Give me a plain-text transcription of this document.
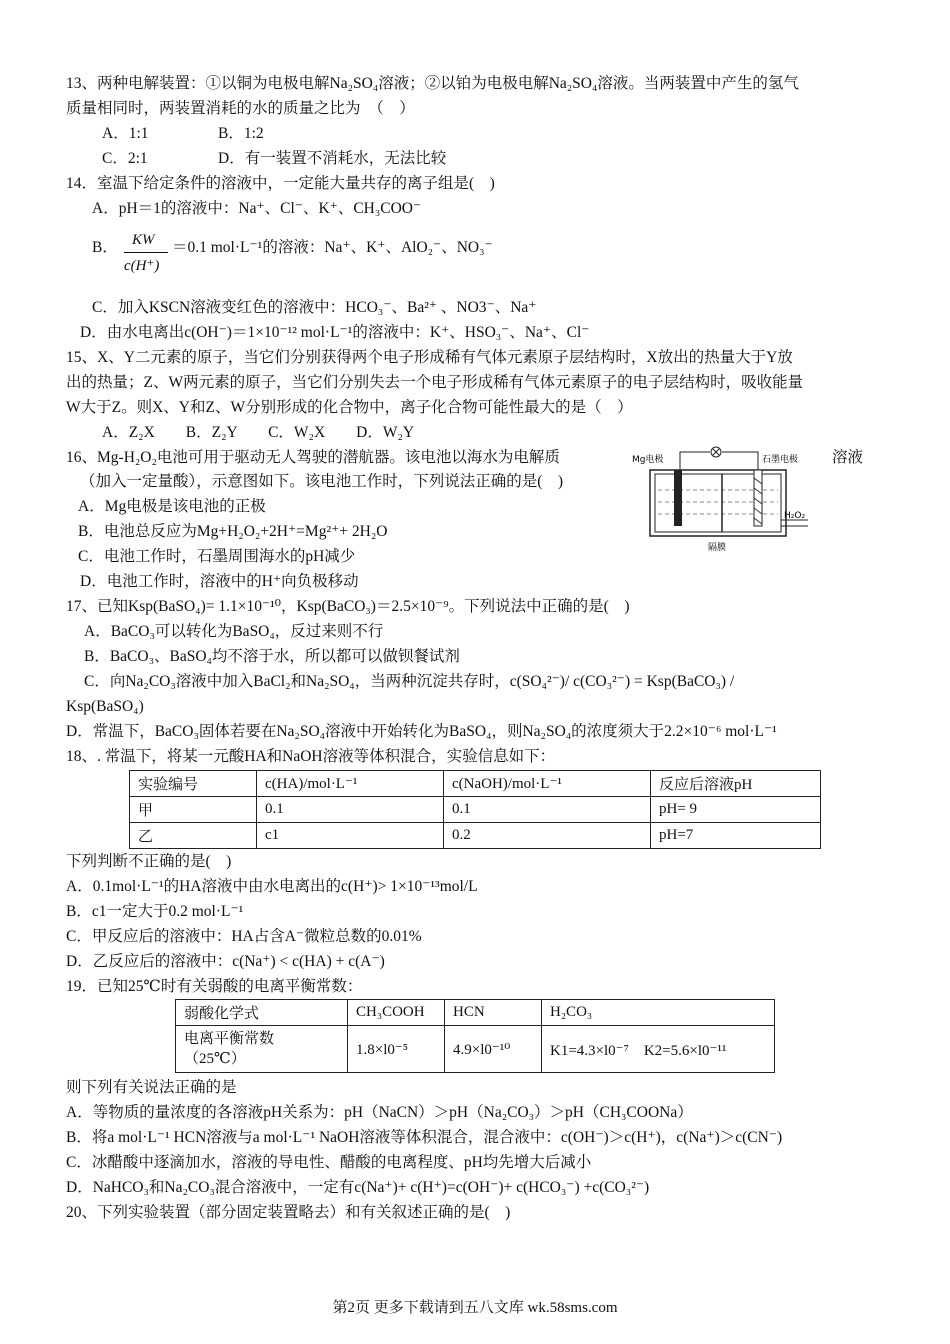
13、两种电解装置：①以铜为电极电解Na₂SO₄溶液；②以铂为电极电解Na₂SO₄溶液。当两装置中产生的氢气
质量相同时，两装置消耗的水的质量之比为　（　）
A．1:1	B．1:2
C．2:1	D．有一装置不消耗水，无法比较
14．室温下给定条件的溶液中，一定能大量共存的离子组是(　)
A．pH＝1的溶液中：Na⁺、Cl⁻、K⁺、CH₃COO⁻
B． KW
c(H⁺)
＝0.1 mol·L⁻¹的溶液：Na⁺、K⁺、AlO₂⁻、NO₃⁻
C．加入KSCN溶液变红色的溶液中：HCO₃⁻、Ba²⁺ 、NO3⁻、Na⁺
D．由水电离出c(OH⁻)＝1×10⁻¹² mol·L⁻¹的溶液中：K⁺、HSO₃⁻、Na⁺、Cl⁻
15、X、Y二元素的原子，当它们分别获得两个电子形成稀有气体元素原子层结构时，X放出的热量大于Y放
出的热量；Z、W两元素的原子，当它们分别失去一个电子形成稀有气体元素原子的电子层结构时，吸收能量
W大于Z。则X、Y和Z、W分别形成的化合物中，离子化合物可能性最大的是（　）
A．Z₂X　　B．Z₂Y　　C．W₂X　　D．W₂Y
16、Mg-H₂O₂电池可用于驱动无人驾驶的潜航器。该电池以海水为电解质	溶液
（加入一定量酸），示意图如下。该电池工作时，下列说法正确的是(　)
A．Mg电极是该电池的正极
B．电池总反应为Mg+H₂O₂+2H⁺=Mg²⁺+ 2H₂O
C．电池工作时，石墨周围海水的pH减少
D．电池工作时，溶液中的H⁺向负极移动
Mg电极	石墨电极
H₂O₂
隔膜
17、已知Ksp(BaSO₄)= 1.1×10⁻¹⁰，Ksp(BaCO₃)＝2.5×10⁻⁹。下列说法中正确的是(　)
A．BaCO₃可以转化为BaSO₄，反过来则不行
B．BaCO₃、BaSO₄均不溶于水，所以都可以做钡餐试剂
C．向Na₂CO₃溶液中加入BaCl₂和Na₂SO₄，当两种沉淀共存时，c(SO₄²⁻)/ c(CO₃²⁻) = Ksp(BaCO₃) /
Ksp(BaSO₄)
D．常温下，BaCO₃固体若要在Na₂SO₄溶液中开始转化为BaSO₄，则Na₂SO₄的浓度须大于2.2×10⁻⁶ mol·L⁻¹
18、. 常温下，将某一元酸HA和NaOH溶液等体积混合，实验信息如下：
实验编号	c(HA)/mol·L⁻¹	c(NaOH)/mol·L⁻¹	反应后溶液pH
甲	0.1	0.1	pH= 9
乙	c1	0.2	pH=7
下列判断不正确的是(　)
A．0.1mol·L⁻¹的HA溶液中由水电离出的c(H⁺)> 1×10⁻¹³mol/L
B．c1一定大于0.2 mol·L⁻¹
C．甲反应后的溶液中：HA占含A⁻微粒总数的0.01%
D．乙反应后的溶液中：c(Na⁺) < c(HA) + c(A⁻)
19．已知25℃时有关弱酸的电离平衡常数：
弱酸化学式	CH₃COOH	HCN	H₂CO₃

电离平衡常数
（25℃）	1.8×l0⁻⁵	4.9×l0⁻¹⁰	K1=4.3×l0⁻⁷　K2=5.6×l0⁻¹¹
则下列有关说法正确的是
A．等物质的量浓度的各溶液pH关系为：pH（NaCN）＞pH（Na₂CO₃）＞pH（CH₃COONa）
B．将a mol·L⁻¹ HCN溶液与a mol·L⁻¹ NaOH溶液等体积混合，混合液中：c(OH⁻)＞c(H⁺)，c(Na⁺)＞c(CN⁻)
C．冰醋酸中逐滴加水，溶液的导电性、醋酸的电离程度、pH均先增大后减小
D．NaHCO₃和Na₂CO₃混合溶液中，一定有c(Na⁺)+ c(H⁺)=c(OH⁻)+ c(HCO₃⁻) +c(CO₃²⁻)
20、下列实验装置（部分固定装置略去）和有关叙述正确的是(　)
第2页 更多下载请到五八文库 wk.58sms.com
